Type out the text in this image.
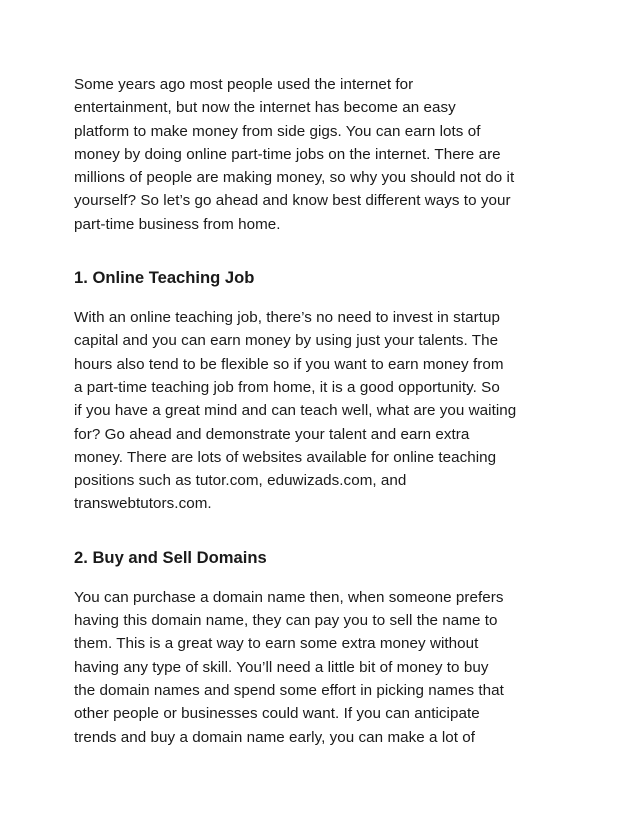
Some years ago most people used the internet for
entertainment, but now the internet has become an easy
platform to make money from side gigs. You can earn lots of
money by doing online part-time jobs on the internet. There are
millions of people are making money, so why you should not do it
yourself? So let’s go ahead and know best different ways to your
part-time business from home.

1. Online Teaching Job

With an online teaching job, there’s no need to invest in startup
capital and you can earn money by using just your talents. The
hours also tend to be flexible so if you want to earn money from
a part-time teaching job from home, it is a good opportunity. So
if you have a great mind and can teach well, what are you waiting
for? Go ahead and demonstrate your talent and earn extra
money. There are lots of websites available for online teaching
positions such as tutor.com, eduwizads.com, and
transwebtutors.com.

2. Buy and Sell Domains

You can purchase a domain name then, when someone prefers
having this domain name, they can pay you to sell the name to
them. This is a great way to earn some extra money without
having any type of skill. You’ll need a little bit of money to buy
the domain names and spend some effort in picking names that
other people or businesses could want. If you can anticipate
trends and buy a domain name early, you can make a lot of
